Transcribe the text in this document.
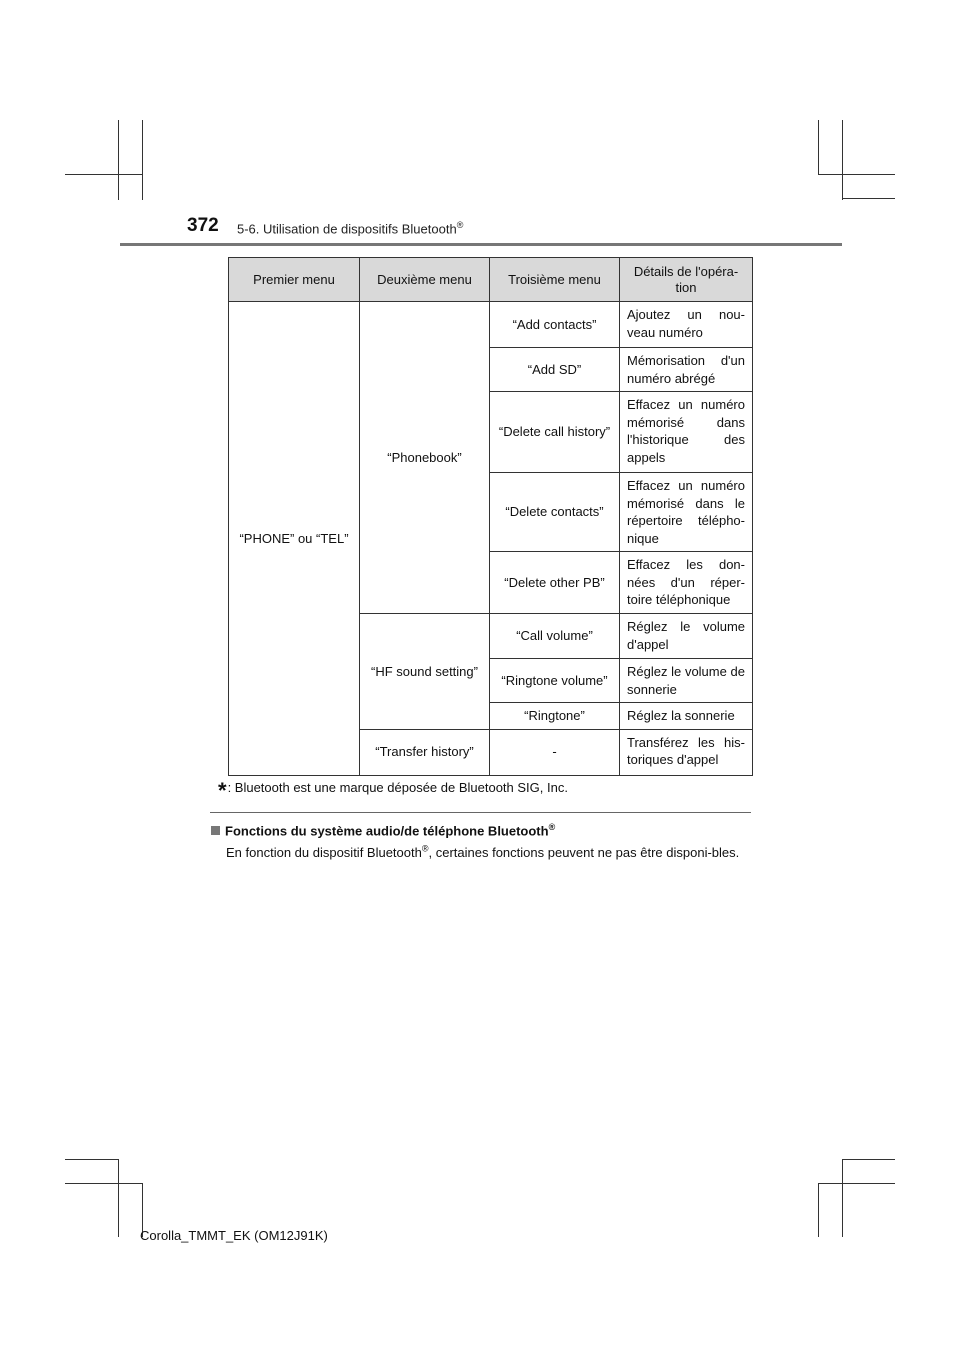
372 5-6. Utilisation de dispositifs Bluetooth®
Premier menu	Deuxième menu	Troisième menu	Détails de l'opéra-tion
“PHONE” ou “TEL”	“Phonebook”	“Add contacts”	Ajoutez un nou-veau numéro
		“Add SD”	Mémorisation d'un numéro abrégé
		“Delete call history”	Effacez un numéro mémorisé dans l'historique des appels
		“Delete contacts”	Effacez un numéro mémorisé dans le répertoire télépho-nique
		“Delete other PB”	Effacez les don-nées d'un réper-toire téléphonique
	“HF sound setting”	“Call volume”	Réglez le volume d'appel
		“Ringtone volume”	Réglez le volume de sonnerie
		“Ringtone”	Réglez la sonnerie
	“Transfer history”	-	Transférez les his-toriques d'appel
*: Bluetooth est une marque déposée de Bluetooth SIG, Inc.
Fonctions du système audio/de téléphone Bluetooth®
En fonction du dispositif Bluetooth®, certaines fonctions peuvent ne pas être disponi-bles.
Corolla_TMMT_EK (OM12J91K)
